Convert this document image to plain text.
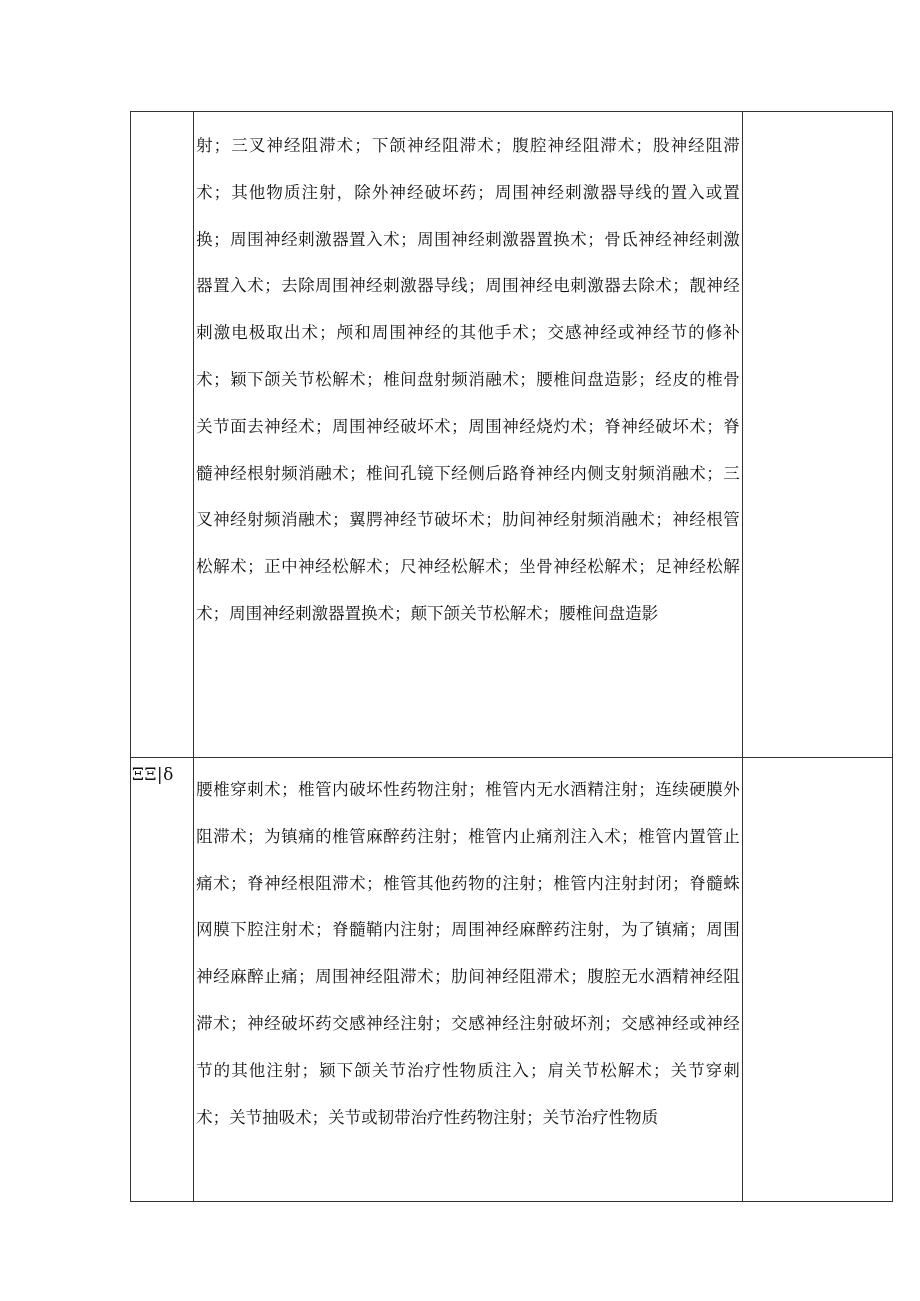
	射；三叉神经阻滞术；下颌神经阻滞术；腹腔神经阻滞术；股神经阻滞术；其他物质注射，除外神经破坏药；周围神经刺激器导线的置入或置换；周围神经刺激器置入术；周围神经刺激器置换术；骨氐神经神经刺激器置入术；去除周围神经刺激器导线；周围神经电刺激器去除术；靓神经刺激电极取出术；颅和周围神经的其他手术；交感神经或神经节的修补术；颖下颌关节松解术；椎间盘射频消融术；腰椎间盘造影；经皮的椎骨关节面去神经术；周围神经破坏术；周围神经烧灼术；脊神经破坏术；脊髓神经根射频消融术；椎间孔镜下经侧后路脊神经内侧支射频消融术；三叉神经射频消融术；翼腭神经节破坏术；肋间神经射频消融术；神经根管松解术；正中神经松解术；尺神经松解术；坐骨神经松解术；足神经松解术；周围神经刺激器置换术；颠下颌关节松解术；腰椎间盘造影	

ΞΞ|δ	腰椎穿刺术；椎管内破坏性药物注射；椎管内无水酒精注射；连续硬膜外阻滞术；为镇痛的椎管麻醉药注射；椎管内止痛剂注入术；椎管内置管止痛术；脊神经根阻滞术；椎管其他药物的注射；椎管内注射封闭；脊髓蛛网膜下腔注射术；脊髓鞘内注射；周围神经麻醉药注射，为了镇痛；周围神经麻醉止痛；周围神经阻滞术；肋间神经阻滞术；腹腔无水酒精神经阻滞术；神经破坏药交感神经注射；交感神经注射破坏剂；交感神经或神经节的其他注射；颍下颌关节治疗性物质注入；肩关节松解术；关节穿刺术；关节抽吸术；关节或韧带治疗性药物注射；关节治疗性物质	
